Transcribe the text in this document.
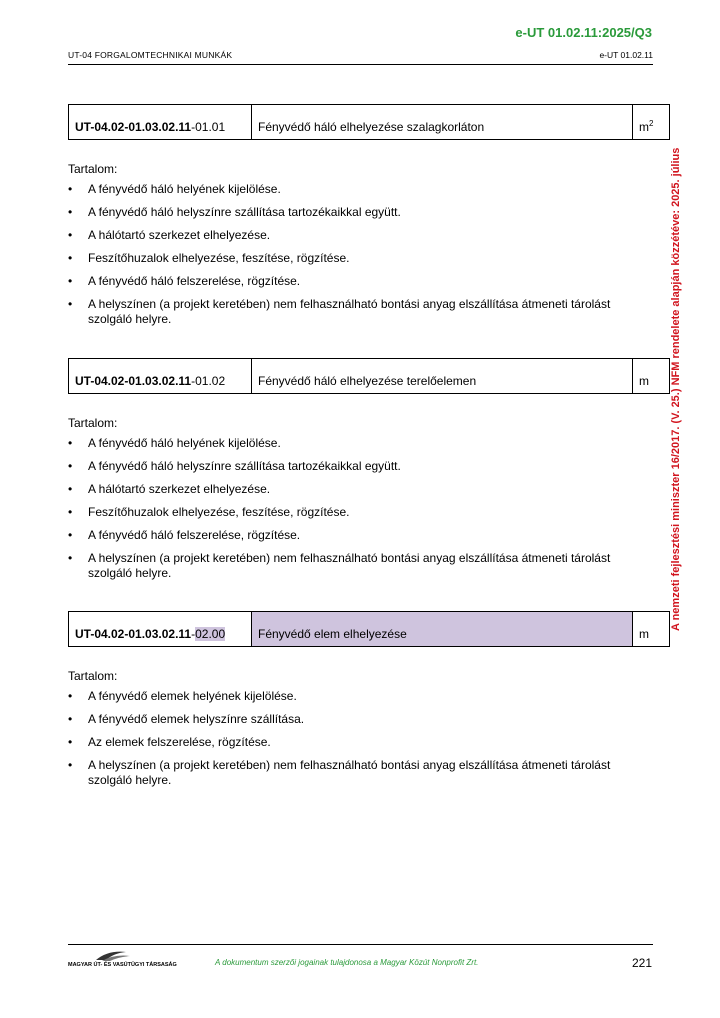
e-UT 01.02.11:2025/Q3
UT-04 FORGALOMTECHNIKAI MUNKÁK	e-UT 01.02.11
A nemzeti fejlesztési miniszter 16/2017. (V. 25.) NFM rendelete alapján közzétéve: 2025. július
UT-04.02-01.03.02.11-01.01	Fényvédő háló elhelyezése szalagkorláton	$m^2$
Tartalom:
• A fényvédő háló helyének kijelölése.
• A fényvédő háló helyszínre szállítása tartozékaikkal együtt.
• A hálótartó szerkezet elhelyezése.
• Feszítőhuzalok elhelyezése, feszítése, rögzítése.
• A fényvédő háló felszerelése, rögzítése.
• A helyszínen (a projekt keretében) nem felhasználható bontási anyag elszállítása átmeneti tárolást szolgáló helyre.
UT-04.02-01.03.02.11-01.02	Fényvédő háló elhelyezése terelőelemen	m
Tartalom:
• A fényvédő háló helyének kijelölése.
• A fényvédő háló helyszínre szállítása tartozékaikkal együtt.
• A hálótartó szerkezet elhelyezése.
• Feszítőhuzalok elhelyezése, feszítése, rögzítése.
• A fényvédő háló felszerelése, rögzítése.
• A helyszínen (a projekt keretében) nem felhasználható bontási anyag elszállítása átmeneti tárolást szolgáló helyre.
UT-04.02-01.03.02.11-02.00	Fényvédő elem elhelyezése	m
Tartalom:
• A fényvédő elemek helyének kijelölése.
• A fényvédő elemek helyszínre szállítása.
• Az elemek felszerelése, rögzítése.
• A helyszínen (a projekt keretében) nem felhasználható bontási anyag elszállítása átmeneti tárolást szolgáló helyre.
MAGYAR ÚT- ÉS VASÚTÜGYI TÁRSASÁG	A dokumentum szerzői jogainak tulajdonosa a Magyar Közút Nonprofit Zrt.	221
